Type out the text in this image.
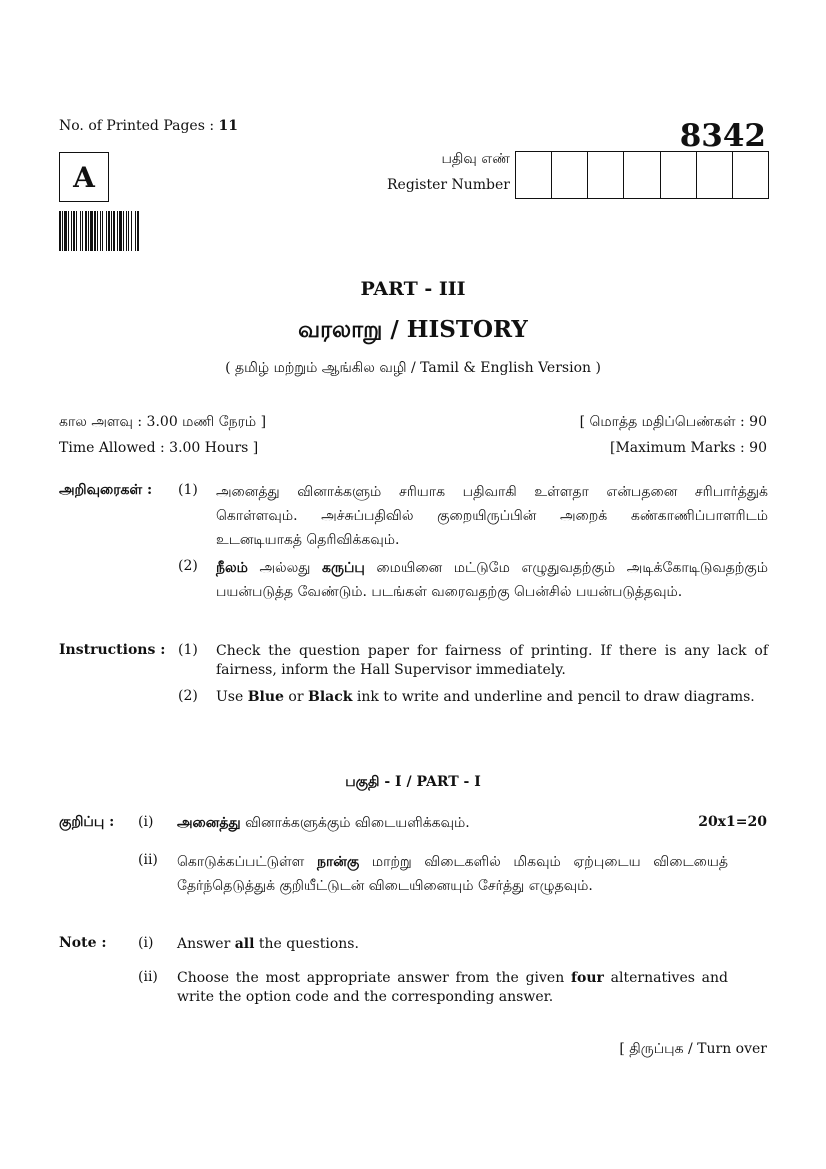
No. of Printed Pages : 11	8342
A
பதிவு எண்
Register Number
PART - III
வரலாறு / HISTORY
( தமிழ் மற்றும் ஆங்கில வழி / Tamil & English Version )
கால அளவு : 3.00 மணி நேரம் ]
Time Allowed : 3.00 Hours ]
[ மொத்த மதிப்பெண்கள் : 90
[Maximum Marks : 90
அறிவுரைகள் : (1) அனைத்து வினாக்களும் சரியாக பதிவாகி உள்ளதா என்பதனை சரிபார்த்துக் கொள்ளவும். அச்சுப்பதிவில் குறையிருப்பின் அறைக் கண்காணிப்பாளரிடம் உடனடியாகத் தெரிவிக்கவும்.
(2) நீலம் அல்லது கருப்பு மையினை மட்டுமே எழுதுவதற்கும் அடிக்கோடிடுவதற்கும் பயன்படுத்த வேண்டும். படங்கள் வரைவதற்கு பென்சில் பயன்படுத்தவும்.
Instructions : (1) Check the question paper for fairness of printing. If there is any lack of fairness, inform the Hall Supervisor immediately.
(2) Use Blue or Black ink to write and underline and pencil to draw diagrams.
பகுதி - I / PART - I
20x1=20
குறிப்பு : (i) அனைத்து வினாக்களுக்கும் விடையளிக்கவும்.
(ii) கொடுக்கப்பட்டுள்ள நான்கு மாற்று விடைகளில் மிகவும் ஏற்புடைய விடையைத் தேர்ந்தெடுத்துக் குறியீட்டுடன் விடையினையும் சேர்த்து எழுதவும்.
Note : (i) Answer all the questions.
(ii) Choose the most appropriate answer from the given four alternatives and write the option code and the corresponding answer.
[ திருப்புக / Turn over
